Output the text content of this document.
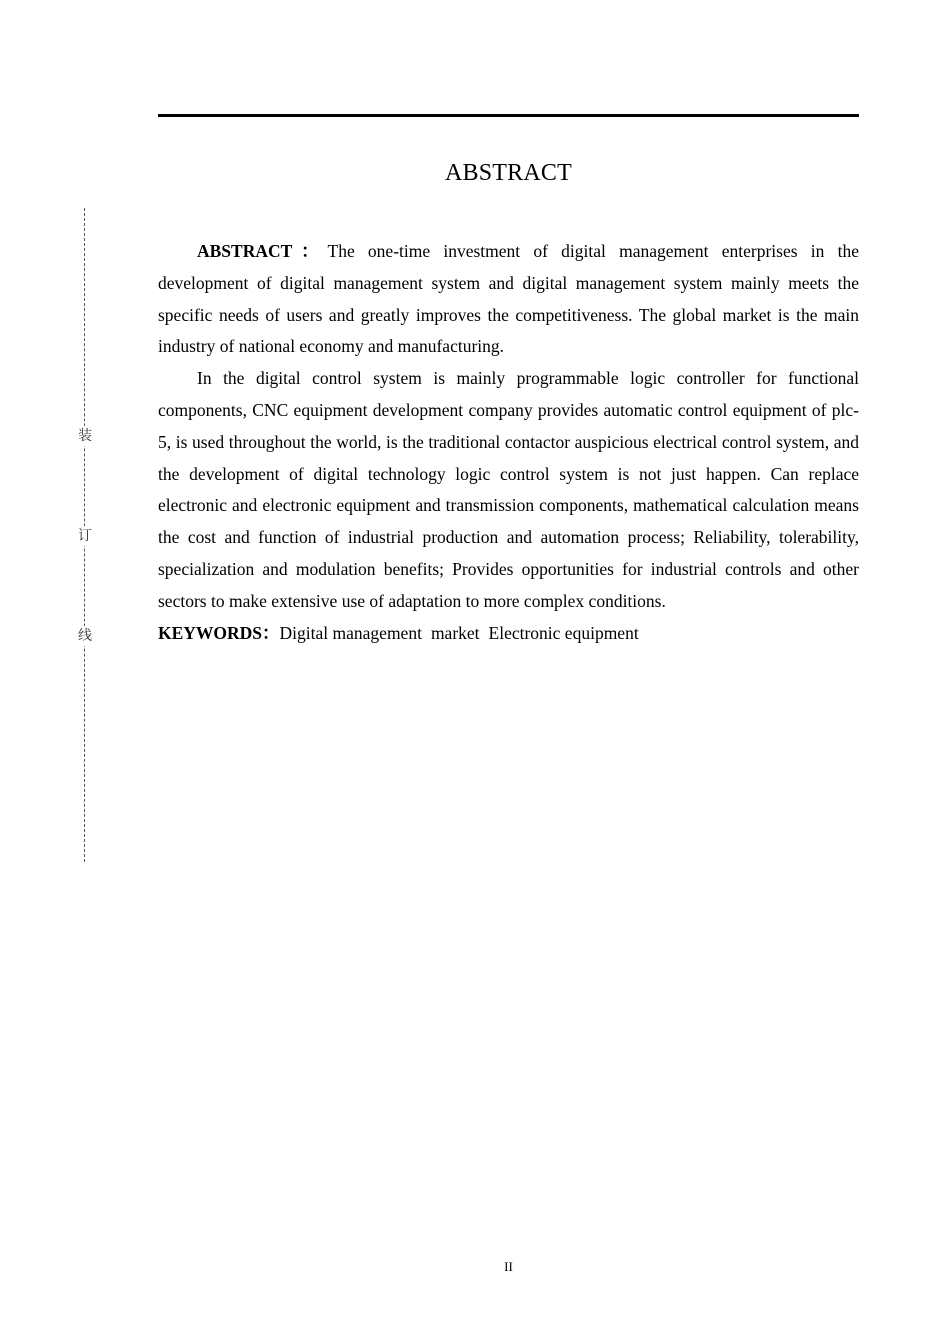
装
订
线
ABSTRACT

ABSTRACT：The one-time investment of digital management enterprises in the development of digital management system and digital management system mainly meets the specific needs of users and greatly improves the competitiveness. The global market is the main industry of national economy and manufacturing.

In the digital control system is mainly programmable logic controller for functional components, CNC equipment development company provides automatic control equipment of plc-5, is used throughout the world, is the traditional contactor auspicious electrical control system, and the development of digital technology logic control system is not just happen. Can replace electronic and electronic equipment and transmission components, mathematical calculation means the cost and function of industrial production and automation process; Reliability, tolerability, specialization and modulation benefits; Provides opportunities for industrial controls and other sectors to make extensive use of adaptation to more complex conditions.

KEYWORDS：Digital management market Electronic equipment

II
